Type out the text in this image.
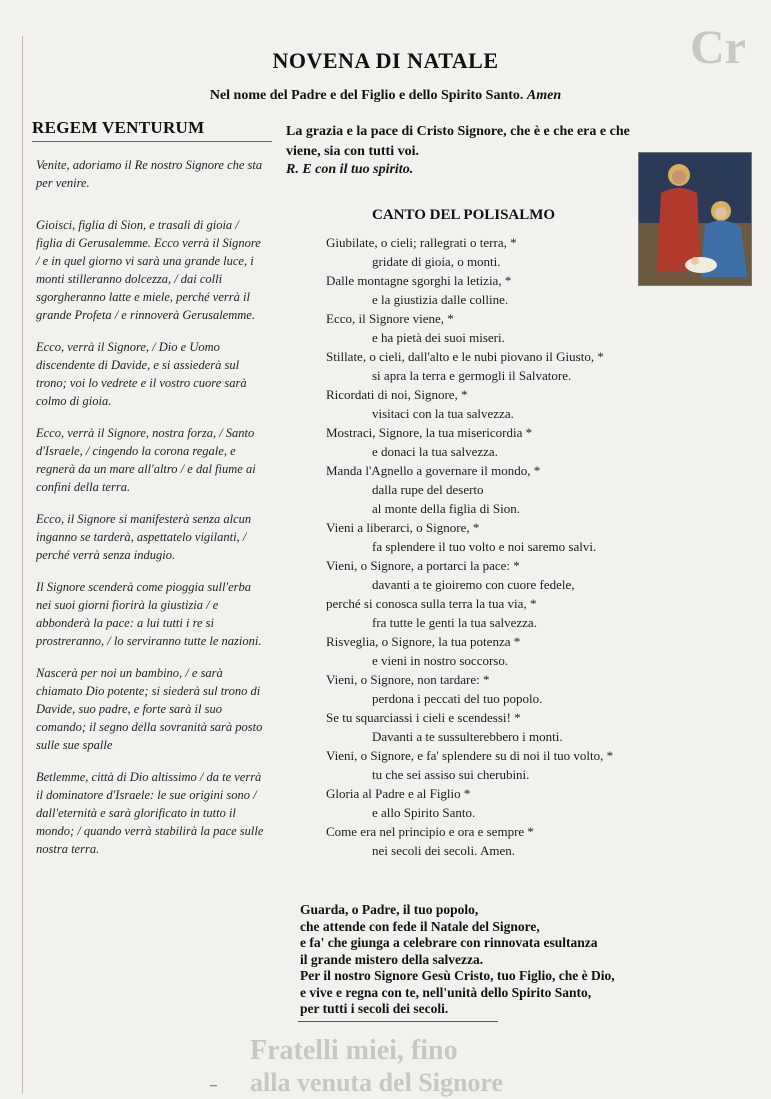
Fratelli miei, fino
alla venuta del Signore
Cr
NOVENA DI NATALE
Nel nome del Padre e del Figlio e dello Spirito Santo. Amen
REGEM VENTURUM

Venite, adoriamo il Re nostro Signore che sta per venire.

Gioisci, figlia di Sion, e trasali di gioia / figlia di Gerusalemme. Ecco verrà il Signore / e in quel giorno vi sarà una grande luce, i monti stilleranno dolcezza, / dai colli sgorgheranno latte e miele, perché verrà il grande Profeta / e rinnoverà Gerusalemme.

Ecco, verrà il Signore, / Dio e Uomo discendente di Davide, e si assiederà sul trono; voi lo vedrete e il vostro cuore sarà colmo di gioia.

Ecco, verrà il Signore, nostra forza, / Santo d'Israele, / cingendo la corona regale, e regnerà da un mare all'altro / e dal fiume ai confini della terra.

Ecco, il Signore si manifesterà senza alcun inganno se tarderà, aspettatelo vigilanti, / perché verrà senza indugio.

Il Signore scenderà come pioggia sull'erba nei suoi giorni fiorirà la giustizia / e abbonderà la pace: a lui tutti i re si prostreranno, / lo serviranno tutte le nazioni.

Nascerà per noi un bambino, / e sarà chiamato Dio potente; si siederà sul trono di Davide, suo padre, e forte sarà il suo comando; il segno della sovranità sarà posto sulle sue spalle

Betlemme, città di Dio altissimo / da te verrà il dominatore d'Israele: le sue origini sono / dall'eternità e sarà glorificato in tutto il mondo; / quando verrà stabilirà la pace sulle nostra terra.

La grazia e la pace di Cristo Signore, che è e che era e che
viene, sia con tutti voi.
R. E con il tuo spirito.
CANTO DEL POLISALMO
Giubilate, o cieli; rallegrati o terra, *
gridate di gioia, o monti.
Dalle montagne sgorghi la letizia, *
e la giustizia dalle colline.
Ecco, il Signore viene, *
e ha pietà dei suoi miseri.
Stillate, o cieli, dall'alto e le nubi piovano il Giusto, *
si apra la terra e germogli il Salvatore.
Ricordati di noi, Signore, *
visitaci con la tua salvezza.
Mostraci, Signore, la tua misericordia *
e donaci la tua salvezza.
Manda l'Agnello a governare il mondo, *
dalla rupe del deserto
al monte della figlia di Sion.
Vieni a liberarci, o Signore, *
fa splendere il tuo volto e noi saremo salvi.
Vieni, o Signore, a portarci la pace: *
davanti a te gioiremo con cuore fedele,
perché si conosca sulla terra la tua via, *
fra tutte le genti la tua salvezza.
Risveglia, o Signore, la tua potenza *
e vieni in nostro soccorso.
Vieni, o Signore, non tardare: *
perdona i peccati del tuo popolo.
Se tu squarciassi i cieli e scendessi! *
Davanti a te sussulterebbero i monti.
Vieni, o Signore, e fa' splendere su di noi il tuo volto, *
tu che sei assiso sui cherubini.
Gloria al Padre e al Figlio *
e allo Spirito Santo.
Come era nel principio e ora e sempre *
nei secoli dei secoli. Amen.
Guarda, o Padre, il tuo popolo,
che attende con fede il Natale del Signore,
e fa' che giunga a celebrare con rinnovata esultanza
il grande mistero della salvezza.
Per il nostro Signore Gesù Cristo, tuo Figlio, che è Dio,
e vive e regna con te, nell'unità dello Spirito Santo,
per tutti i secoli dei secoli.
–
